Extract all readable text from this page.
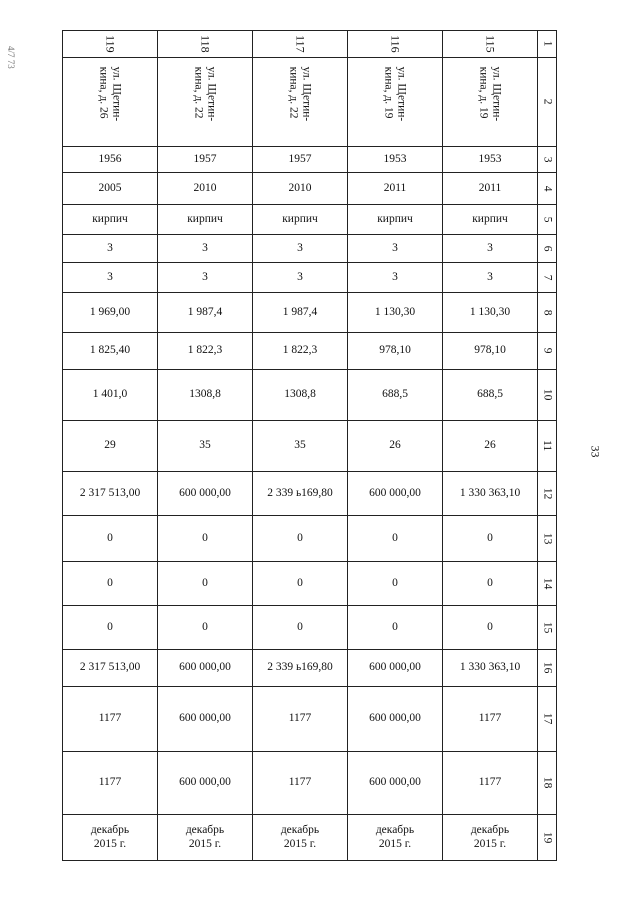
4/7 73
33
119	118	117	116	115	1
ул. Щетин-кина, д. 26	ул. Щетин-кина, д. 22	ул. Щетин-кина, д. 22	ул. Щетин-кина, д. 19	ул. Щетин-кина, д. 19	2
1956	1957	1957	1953	1953	3
2005	2010	2010	2011	2011	4
кирпич	кирпич	кирпич	кирпич	кирпич	5
3	3	3	3	3	6
3	3	3	3	3	7
1 969,00	1 987,4	1 987,4	1 130,30	1 130,30	8
1 825,40	1 822,3	1 822,3	978,10	978,10	9
1 401,0	1308,8	1308,8	688,5	688,5	10
29	35	35	26	26	11
2 317 513,00	600 000,00	2 339 ь169,80	600 000,00	1 330 363,10	12
0	0	0	0	0	13
0	0	0	0	0	14
0	0	0	0	0	15
2 317 513,00	600 000,00	2 339 ь169,80	600 000,00	1 330 363,10	16
1177	600 000,00	1177	600 000,00	1177	17
1177	600 000,00	1177	600 000,00	1177	18
декабрь 2015 г.	декабрь 2015 г.	декабрь 2015 г.	декабрь 2015 г.	декабрь 2015 г.	19
